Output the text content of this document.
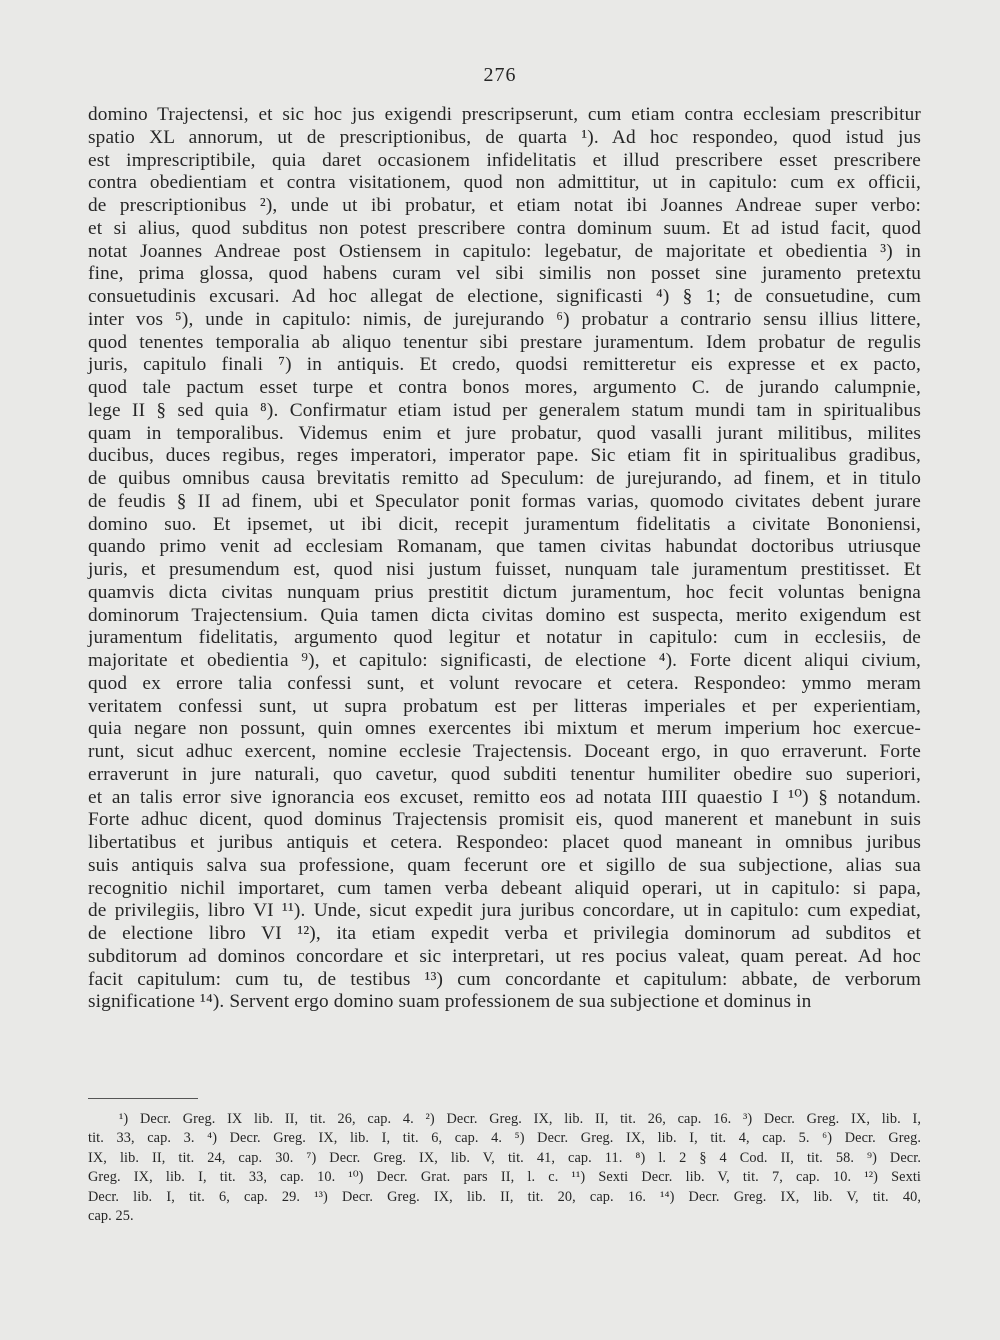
276
domino Trajectensi, et sic hoc jus exigendi prescripserunt, cum etiam contra ecclesiam prescribitur
spatio XL annorum, ut de prescriptionibus, de quarta ¹). Ad hoc respondeo, quod istud jus
est imprescriptibile, quia daret occasionem infidelitatis et illud prescribere esset prescribere
contra obedientiam et contra visitationem, quod non admittitur, ut in capitulo: cum ex officii,
de prescriptionibus ²), unde ut ibi probatur, et etiam notat ibi Joannes Andreae super verbo:
et si alius, quod subditus non potest prescribere contra dominum suum. Et ad istud facit, quod
notat Joannes Andreae post Ostiensem in capitulo: legebatur, de majoritate et obedientia ³) in
fine, prima glossa, quod habens curam vel sibi similis non posset sine juramento pretextu
consuetudinis excusari. Ad hoc allegat de electione, significasti ⁴) § 1; de consuetudine, cum
inter vos ⁵), unde in capitulo: nimis, de jurejurando ⁶) probatur a contrario sensu illius littere,
quod tenentes temporalia ab aliquo tenentur sibi prestare juramentum. Idem probatur de regulis
juris, capitulo finali ⁷) in antiquis. Et credo, quodsi remitteretur eis expresse et ex pacto,
quod tale pactum esset turpe et contra bonos mores, argumento C. de jurando calumpnie,
lege II § sed quia ⁸). Confirmatur etiam istud per generalem statum mundi tam in spiritualibus
quam in temporalibus. Videmus enim et jure probatur, quod vasalli jurant militibus, milites
ducibus, duces regibus, reges imperatori, imperator pape. Sic etiam fit in spiritualibus gradibus,
de quibus omnibus causa brevitatis remitto ad Speculum: de jurejurando, ad finem, et in titulo
de feudis § II ad finem, ubi et Speculator ponit formas varias, quomodo civitates debent jurare
domino suo. Et ipsemet, ut ibi dicit, recepit juramentum fidelitatis a civitate Bononiensi,
quando primo venit ad ecclesiam Romanam, que tamen civitas habundat doctoribus utriusque
juris, et presumendum est, quod nisi justum fuisset, nunquam tale juramentum prestitisset. Et
quamvis dicta civitas nunquam prius prestitit dictum juramentum, hoc fecit voluntas benigna
dominorum Trajectensium. Quia tamen dicta civitas domino est suspecta, merito exigendum est
juramentum fidelitatis, argumento quod legitur et notatur in capitulo: cum in ecclesiis, de
majoritate et obedientia ⁹), et capitulo: significasti, de electione ⁴). Forte dicent aliqui civium,
quod ex errore talia confessi sunt, et volunt revocare et cetera. Respondeo: ymmo meram
veritatem confessi sunt, ut supra probatum est per litteras imperiales et per experientiam,
quia negare non possunt, quin omnes exercentes ibi mixtum et merum imperium hoc exercue-
runt, sicut adhuc exercent, nomine ecclesie Trajectensis. Doceant ergo, in quo erraverunt. Forte
erraverunt in jure naturali, quo cavetur, quod subditi tenentur humiliter obedire suo superiori,
et an talis error sive ignorancia eos excuset, remitto eos ad notata IIII quaestio I ¹⁰) § notandum.
Forte adhuc dicent, quod dominus Trajectensis promisit eis, quod manerent et manebunt in suis
libertatibus et juribus antiquis et cetera. Respondeo: placet quod maneant in omnibus juribus
suis antiquis salva sua professione, quam fecerunt ore et sigillo de sua subjectione, alias sua
recognitio nichil importaret, cum tamen verba debeant aliquid operari, ut in capitulo: si papa,
de privilegiis, libro VI ¹¹). Unde, sicut expedit jura juribus concordare, ut in capitulo: cum expediat,
de electione libro VI ¹²), ita etiam expedit verba et privilegia dominorum ad subditos et
subditorum ad dominos concordare et sic interpretari, ut res pocius valeat, quam pereat. Ad hoc
facit capitulum: cum tu, de testibus ¹³) cum concordante et capitulum: abbate, de verborum
significatione ¹⁴). Servent ergo domino suam professionem de sua subjectione et dominus in
¹) Decr. Greg. IX lib. II, tit. 26, cap. 4. ²) Decr. Greg. IX, lib. II, tit. 26, cap. 16. ³) Decr. Greg. IX, lib. I,
tit. 33, cap. 3. ⁴) Decr. Greg. IX, lib. I, tit. 6, cap. 4. ⁵) Decr. Greg. IX, lib. I, tit. 4, cap. 5. ⁶) Decr. Greg.
IX, lib. II, tit. 24, cap. 30. ⁷) Decr. Greg. IX, lib. V, tit. 41, cap. 11. ⁸) l. 2 § 4 Cod. II, tit. 58. ⁹) Decr.
Greg. IX, lib. I, tit. 33, cap. 10. ¹⁰) Decr. Grat. pars II, l. c. ¹¹) Sexti Decr. lib. V, tit. 7, cap. 10. ¹²) Sexti
Decr. lib. I, tit. 6, cap. 29. ¹³) Decr. Greg. IX, lib. II, tit. 20, cap. 16. ¹⁴) Decr. Greg. IX, lib. V, tit. 40,
cap. 25.
